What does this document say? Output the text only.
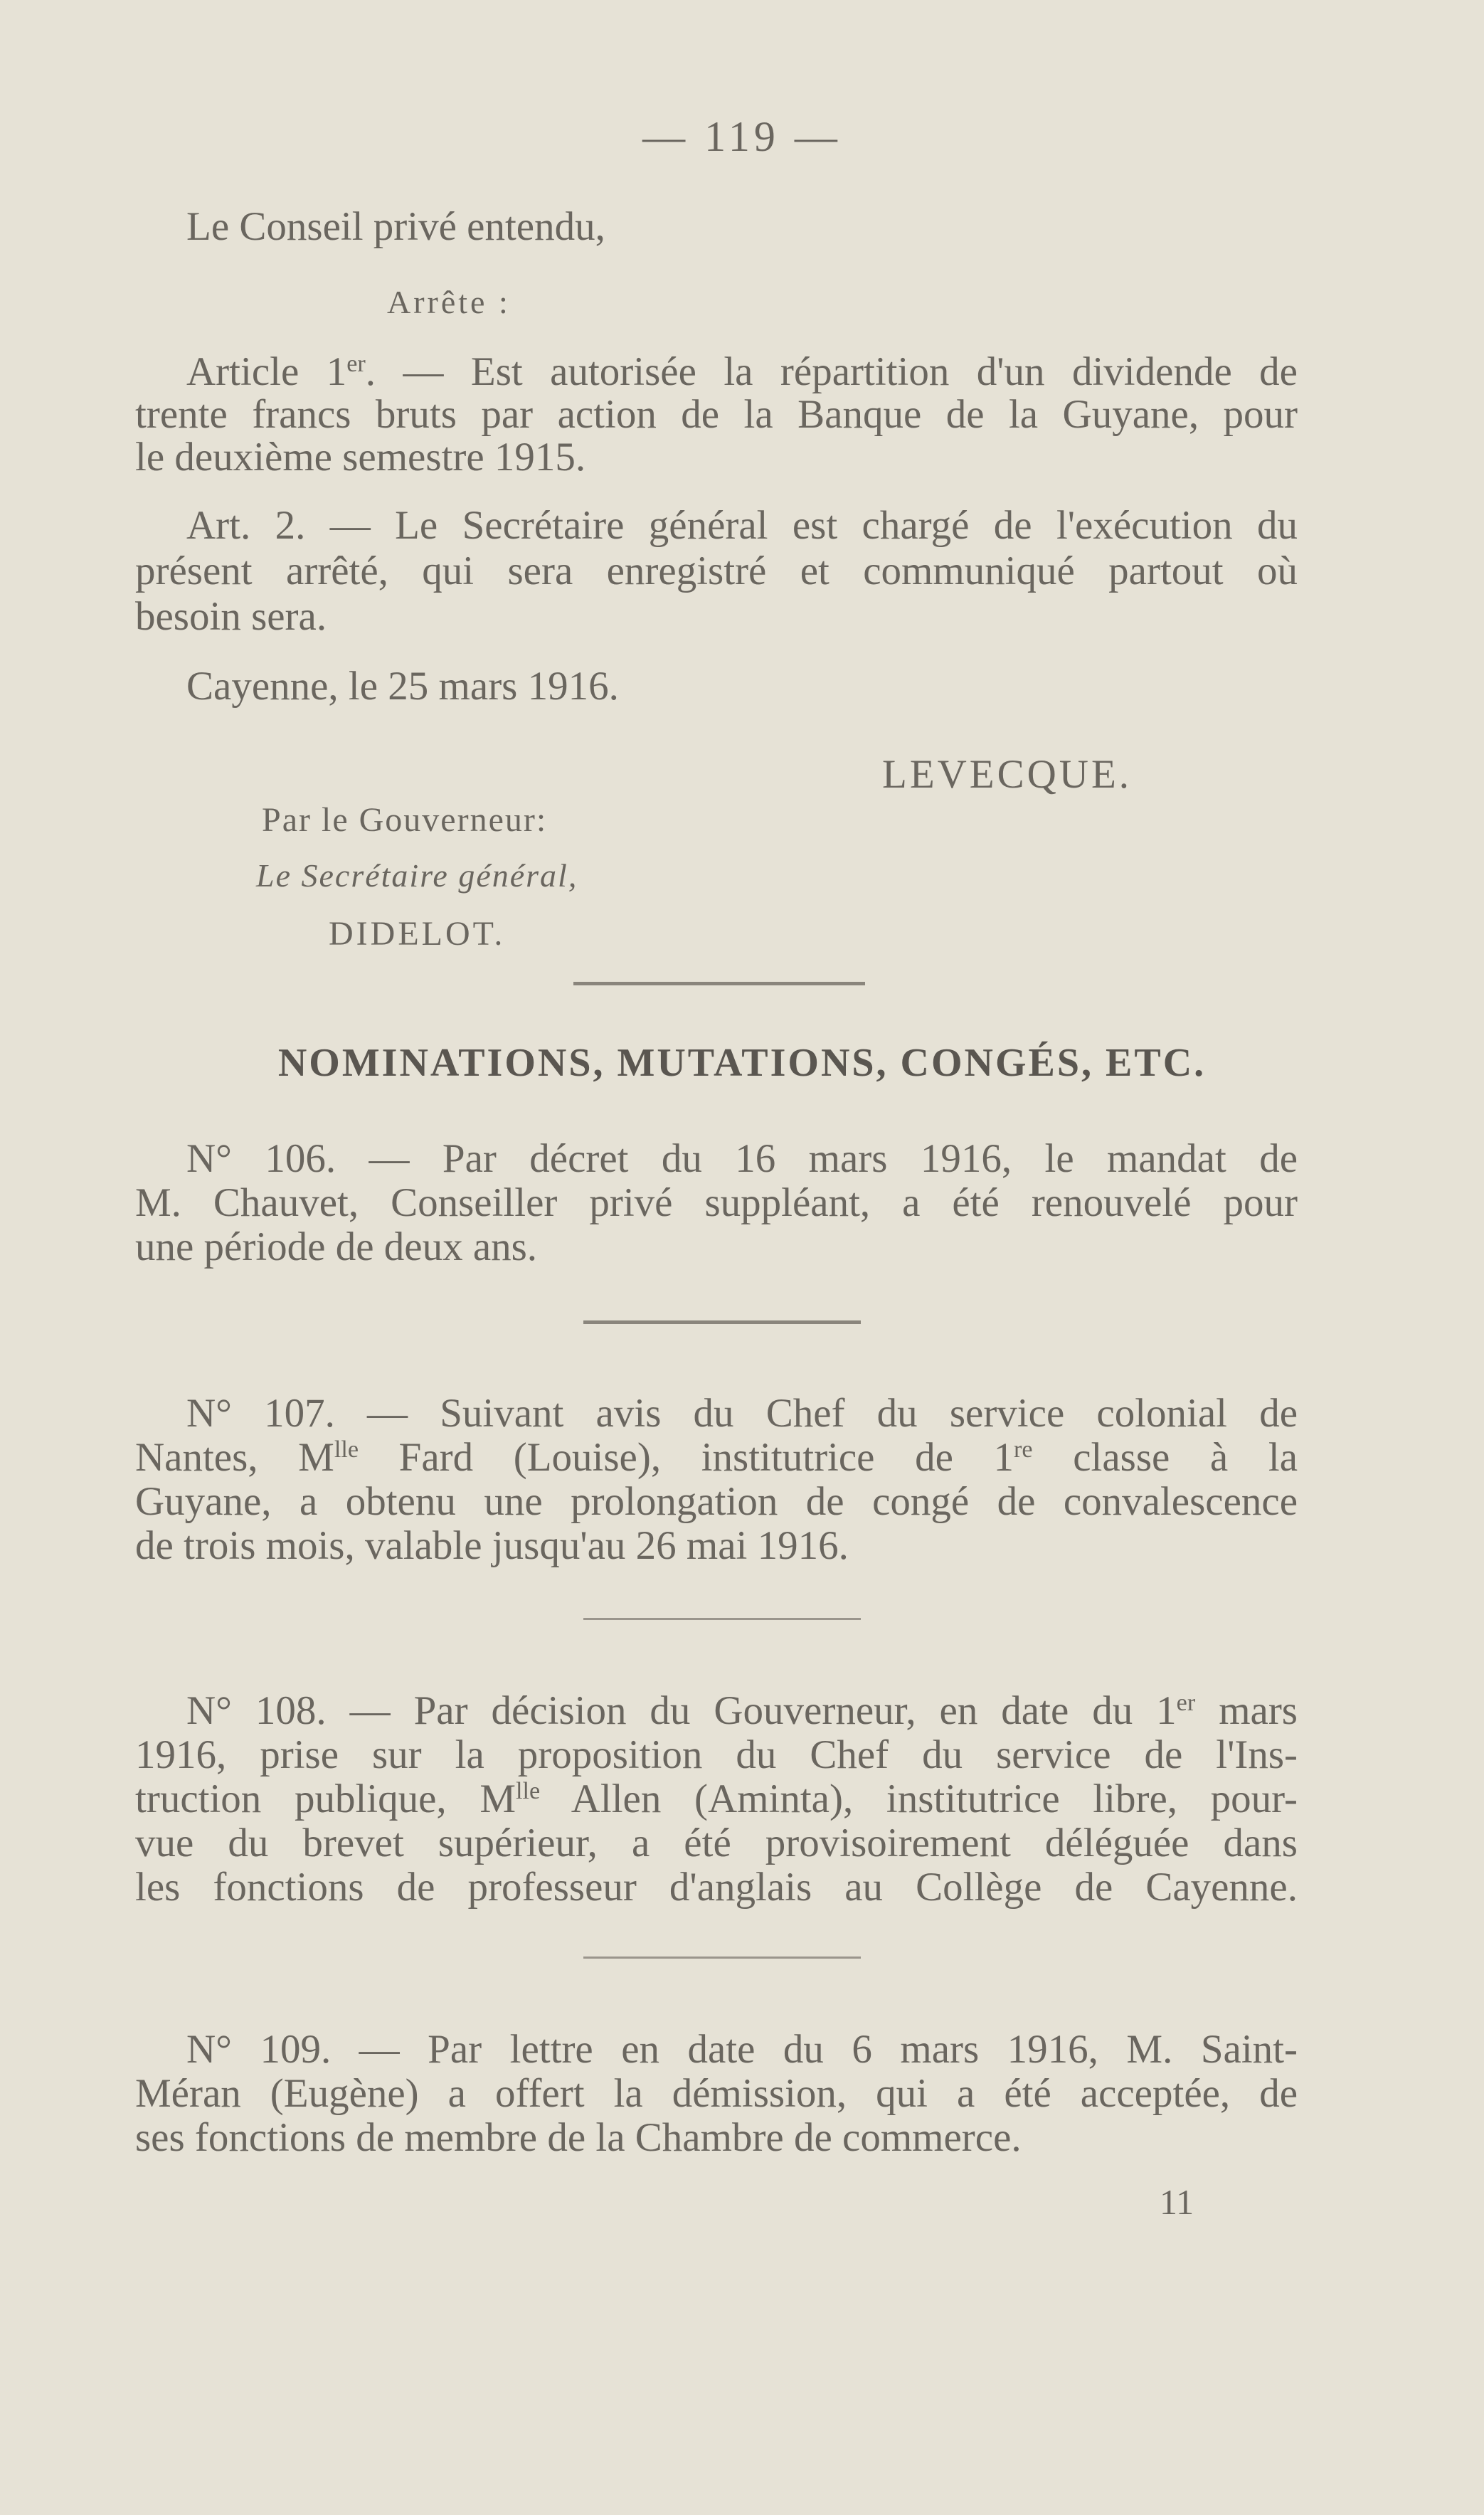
— 119 —
Le Conseil privé entendu,
Arrête :
Article 1er. — Est autorisée la répartition d'un dividende de
trente francs bruts par action de la Banque de la Guyane, pour
le deuxième semestre 1915.
Art. 2. — Le Secrétaire général est chargé de l'exécution du
présent arrêté, qui sera enregistré et communiqué partout où
besoin sera.
Cayenne, le 25 mars 1916.
LEVECQUE.
Par le Gouverneur:
Le Secrétaire général,
DIDELOT.
NOMINATIONS, MUTATIONS, CONGÉS, ETC.
N° 106. — Par décret du 16 mars 1916, le mandat de
M. Chauvet, Conseiller privé suppléant, a été renouvelé pour
une période de deux ans.
N° 107. — Suivant avis du Chef du service colonial de
Nantes, $M^{lle}$ Fard (Louise), institutrice de 1re classe à la
Guyane, a obtenu une prolongation de congé de convalescence
de trois mois, valable jusqu'au 26 mai 1916.
N° 108. — Par décision du Gouverneur, en date du 1er mars
1916, prise sur la proposition du Chef du service de l'Ins-
truction publique, $M^{lle}$ Allen (Aminta), institutrice libre, pour-
vue du brevet supérieur, a été provisoirement déléguée dans
les fonctions de professeur d'anglais au Collège de Cayenne.
N° 109. — Par lettre en date du 6 mars 1916, M. Saint-
Méran (Eugène) a offert la démission, qui a été acceptée, de
ses fonctions de membre de la Chambre de commerce.
11
